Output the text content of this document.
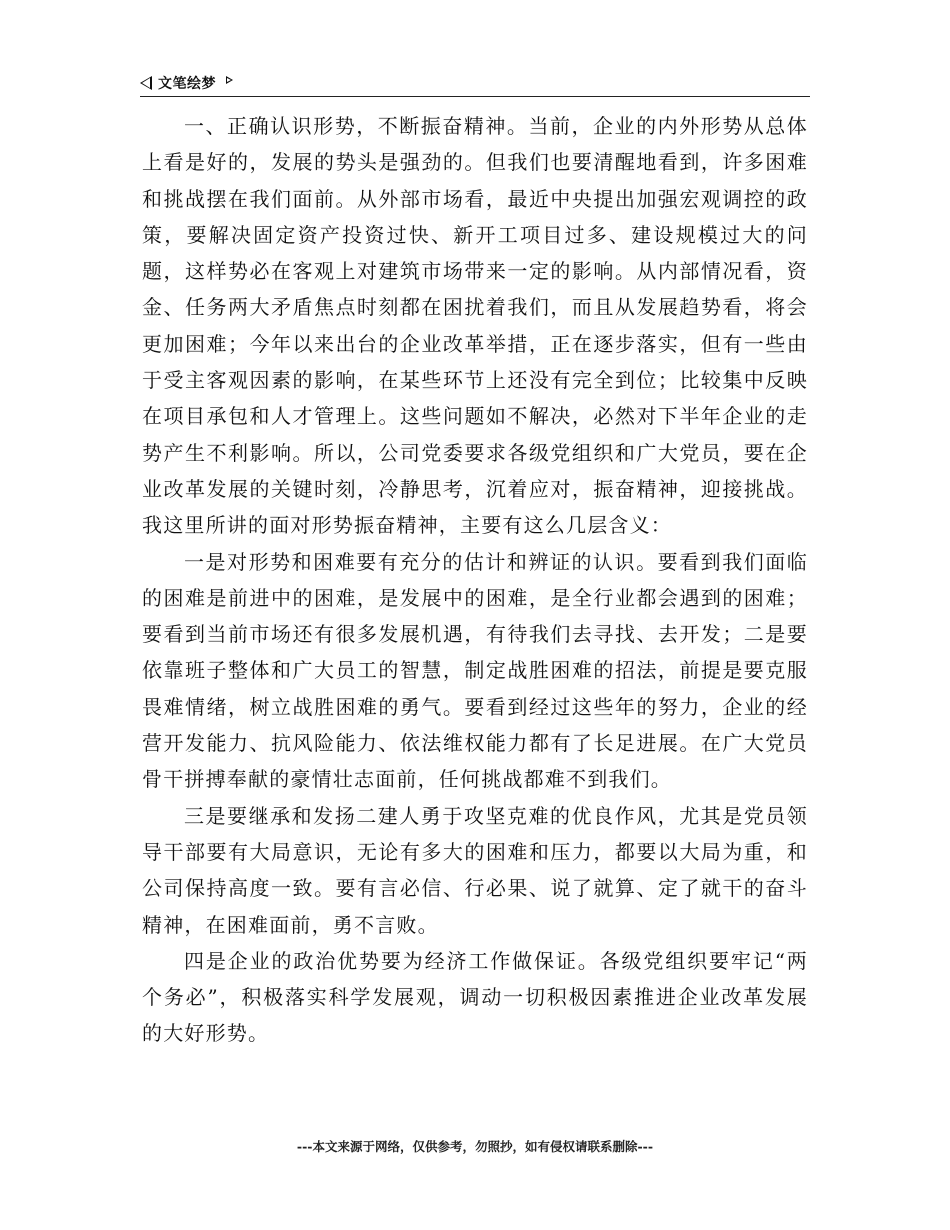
文笔绘梦

一、正确认识形势，不断振奋精神。当前，企业的内外形势从总体上看是好的，发展的势头是强劲的。但我们也要清醒地看到，许多困难和挑战摆在我们面前。从外部市场看，最近中央提出加强宏观调控的政策，要解决固定资产投资过快、新开工项目过多、建设规模过大的问题，这样势必在客观上对建筑市场带来一定的影响。从内部情况看，资金、任务两大矛盾焦点时刻都在困扰着我们，而且从发展趋势看，将会更加困难；今年以来出台的企业改革举措，正在逐步落实，但有一些由于受主客观因素的影响，在某些环节上还没有完全到位；比较集中反映在项目承包和人才管理上。这些问题如不解决，必然对下半年企业的走势产生不利影响。所以，公司党委要求各级党组织和广大党员，要在企业改革发展的关键时刻，冷静思考，沉着应对，振奋精神，迎接挑战。我这里所讲的面对形势振奋精神，主要有这么几层含义：

一是对形势和困难要有充分的估计和辨证的认识。要看到我们面临的困难是前进中的困难，是发展中的困难，是全行业都会遇到的困难；要看到当前市场还有很多发展机遇，有待我们去寻找、去开发；二是要依靠班子整体和广大员工的智慧，制定战胜困难的招法，前提是要克服畏难情绪，树立战胜困难的勇气。要看到经过这些年的努力，企业的经营开发能力、抗风险能力、依法维权能力都有了长足进展。在广大党员骨干拼搏奉献的豪情壮志面前，任何挑战都难不到我们。

三是要继承和发扬二建人勇于攻坚克难的优良作风，尤其是党员领导干部要有大局意识，无论有多大的困难和压力，都要以大局为重，和公司保持高度一致。要有言必信、行必果、说了就算、定了就干的奋斗精神，在困难面前，勇不言败。

四是企业的政治优势要为经济工作做保证。各级党组织要牢记“两个务必”，积极落实科学发展观，调动一切积极因素推进企业改革发展的大好形势。

---本文来源于网络，仅供参考，勿照抄，如有侵权请联系删除---
